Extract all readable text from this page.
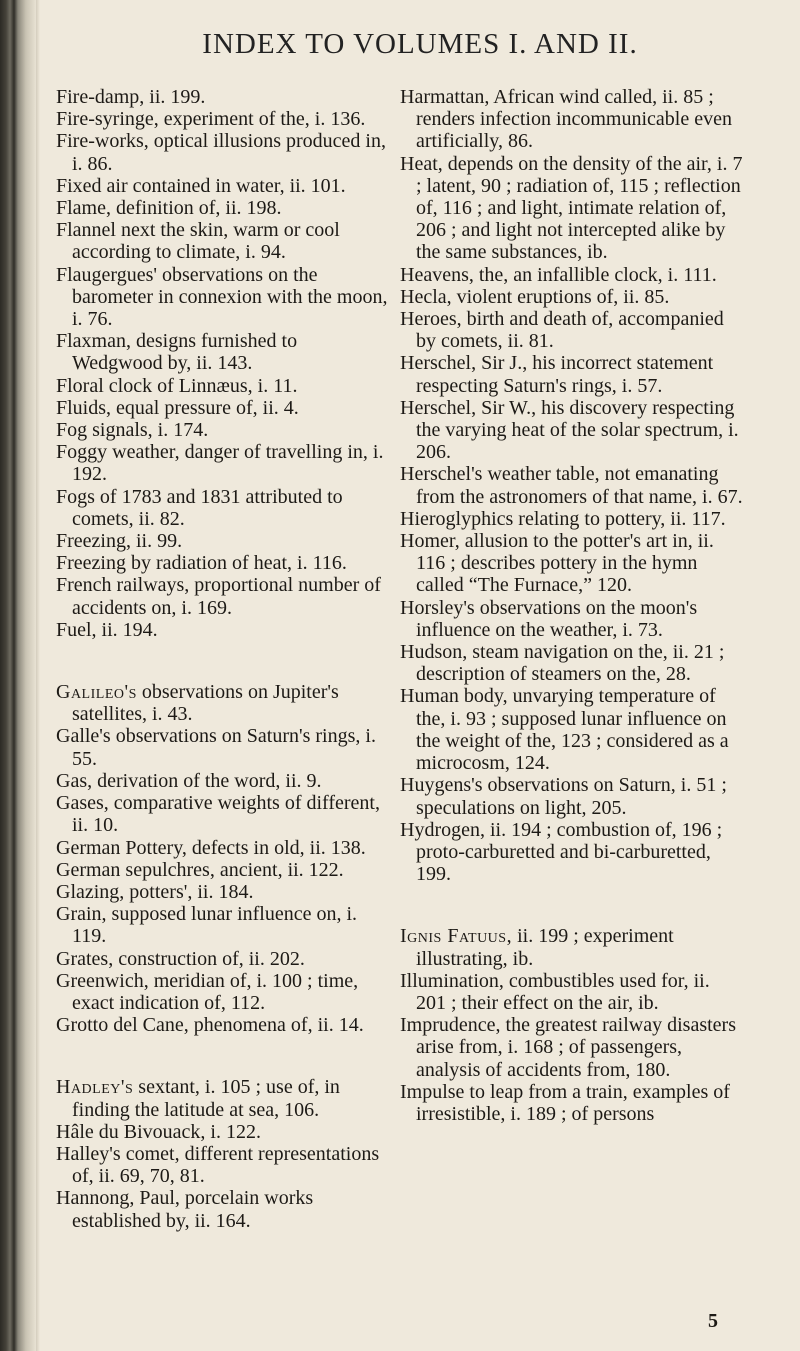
INDEX TO VOLUMES I. AND II.

Fire-damp, ii. 199.

Fire-syringe, experiment of the, i. 136.

Fire-works, optical illusions produced in, i. 86.

Fixed air contained in water, ii. 101.

Flame, definition of, ii. 198.

Flannel next the skin, warm or cool according to climate, i. 94.

Flaugergues' observations on the barometer in connexion with the moon, i. 76.

Flaxman, designs furnished to Wedgwood by, ii. 143.

Floral clock of Linnæus, i. 11.

Fluids, equal pressure of, ii. 4.

Fog signals, i. 174.

Foggy weather, danger of travelling in, i. 192.

Fogs of 1783 and 1831 attributed to comets, ii. 82.

Freezing, ii. 99.

Freezing by radiation of heat, i. 116.

French railways, proportional number of accidents on, i. 169.

Fuel, ii. 194.

Galileo's observations on Jupiter's satellites, i. 43.

Galle's observations on Saturn's rings, i. 55.

Gas, derivation of the word, ii. 9.

Gases, comparative weights of different, ii. 10.

German Pottery, defects in old, ii. 138.

German sepulchres, ancient, ii. 122.

Glazing, potters', ii. 184.

Grain, supposed lunar influence on, i. 119.

Grates, construction of, ii. 202.

Greenwich, meridian of, i. 100 ; time, exact indication of, 112.

Grotto del Cane, phenomena of, ii. 14.

Hadley's sextant, i. 105 ; use of, in finding the latitude at sea, 106.

Hâle du Bivouack, i. 122.

Halley's comet, different representations of, ii. 69, 70, 81.

Hannong, Paul, porcelain works established by, ii. 164.

Harmattan, African wind called, ii. 85 ; renders infection incommunicable even artificially, 86.

Heat, depends on the density of the air, i. 7 ; latent, 90 ; radiation of, 115 ; reflection of, 116 ; and light, intimate relation of, 206 ; and light not intercepted alike by the same substances, ib.

Heavens, the, an infallible clock, i. 111.

Hecla, violent eruptions of, ii. 85.

Heroes, birth and death of, accompanied by comets, ii. 81.

Herschel, Sir J., his incorrect statement respecting Saturn's rings, i. 57.

Herschel, Sir W., his discovery respecting the varying heat of the solar spectrum, i. 206.

Herschel's weather table, not emanating from the astronomers of that name, i. 67.

Hieroglyphics relating to pottery, ii. 117.

Homer, allusion to the potter's art in, ii. 116 ; describes pottery in the hymn called “The Furnace,” 120.

Horsley's observations on the moon's influence on the weather, i. 73.

Hudson, steam navigation on the, ii. 21 ; description of steamers on the, 28.

Human body, unvarying temperature of the, i. 93 ; supposed lunar influence on the weight of the, 123 ; considered as a microcosm, 124.

Huygens's observations on Saturn, i. 51 ; speculations on light, 205.

Hydrogen, ii. 194 ; combustion of, 196 ; proto-carburetted and bi-carburetted, 199.

Ignis Fatuus, ii. 199 ; experiment illustrating, ib.

Illumination, combustibles used for, ii. 201 ; their effect on the air, ib.

Imprudence, the greatest railway disasters arise from, i. 168 ; of passengers, analysis of accidents from, 180.

Impulse to leap from a train, examples of irresistible, i. 189 ; of persons

5
